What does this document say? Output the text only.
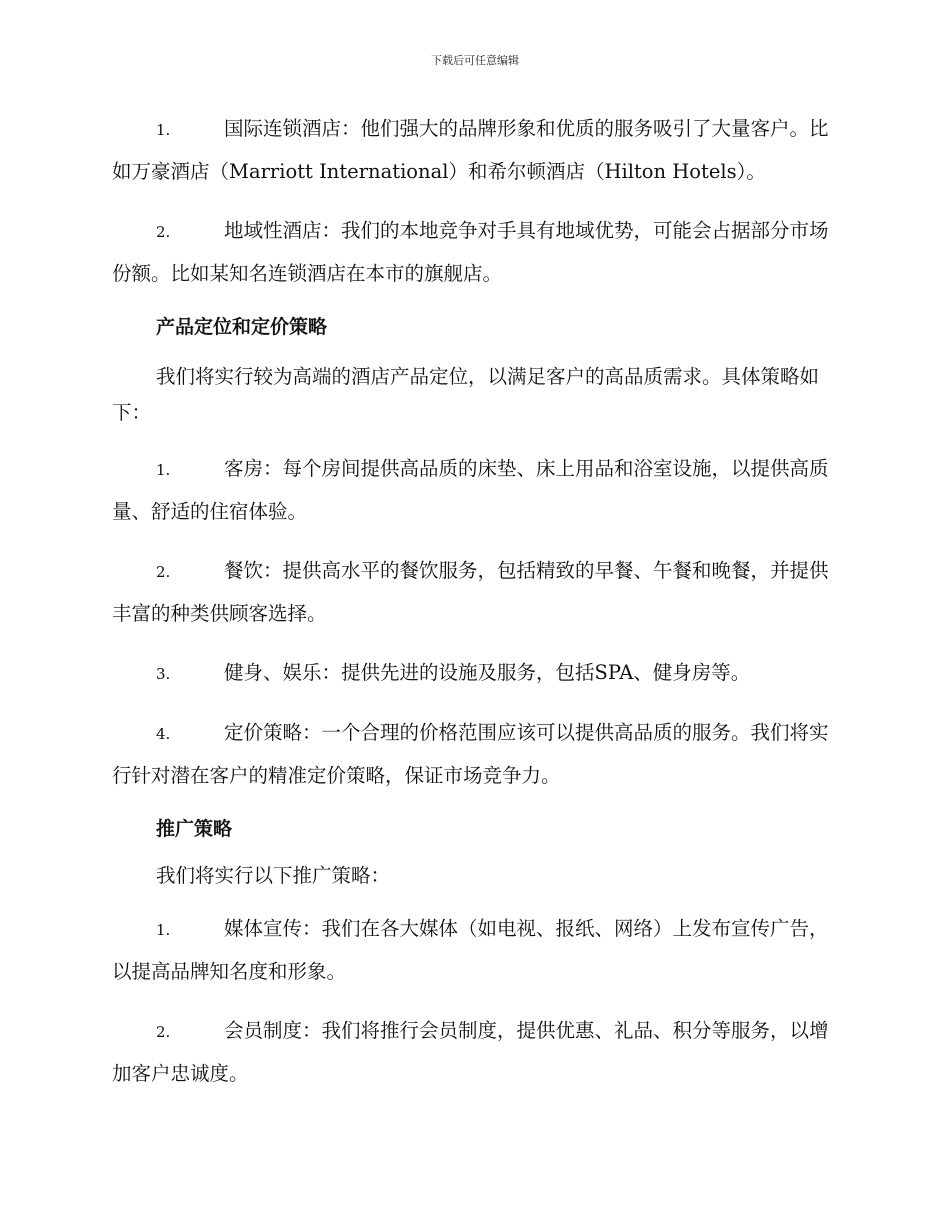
下载后可任意编辑

1.	国际连锁酒店：他们强大的品牌形象和优质的服务吸引了大量客户。比如万豪酒店（Marriott International）和希尔顿酒店（Hilton Hotels）。

2.	地域性酒店：我们的本地竞争对手具有地域优势，可能会占据部分市场份额。比如某知名连锁酒店在本市的旗舰店。

产品定位和定价策略

我们将实行较为高端的酒店产品定位，以满足客户的高品质需求。具体策略如下：

1.	客房：每个房间提供高品质的床垫、床上用品和浴室设施，以提供高质量、舒适的住宿体验。

2.	餐饮：提供高水平的餐饮服务，包括精致的早餐、午餐和晚餐，并提供丰富的种类供顾客选择。

3.	健身、娱乐：提供先进的设施及服务，包括SPA、健身房等。

4.	定价策略：一个合理的价格范围应该可以提供高品质的服务。我们将实行针对潜在客户的精准定价策略，保证市场竞争力。

推广策略

我们将实行以下推广策略：

1.	媒体宣传：我们在各大媒体（如电视、报纸、网络）上发布宣传广告，以提高品牌知名度和形象。

2.	会员制度：我们将推行会员制度，提供优惠、礼品、积分等服务，以增加客户忠诚度。
